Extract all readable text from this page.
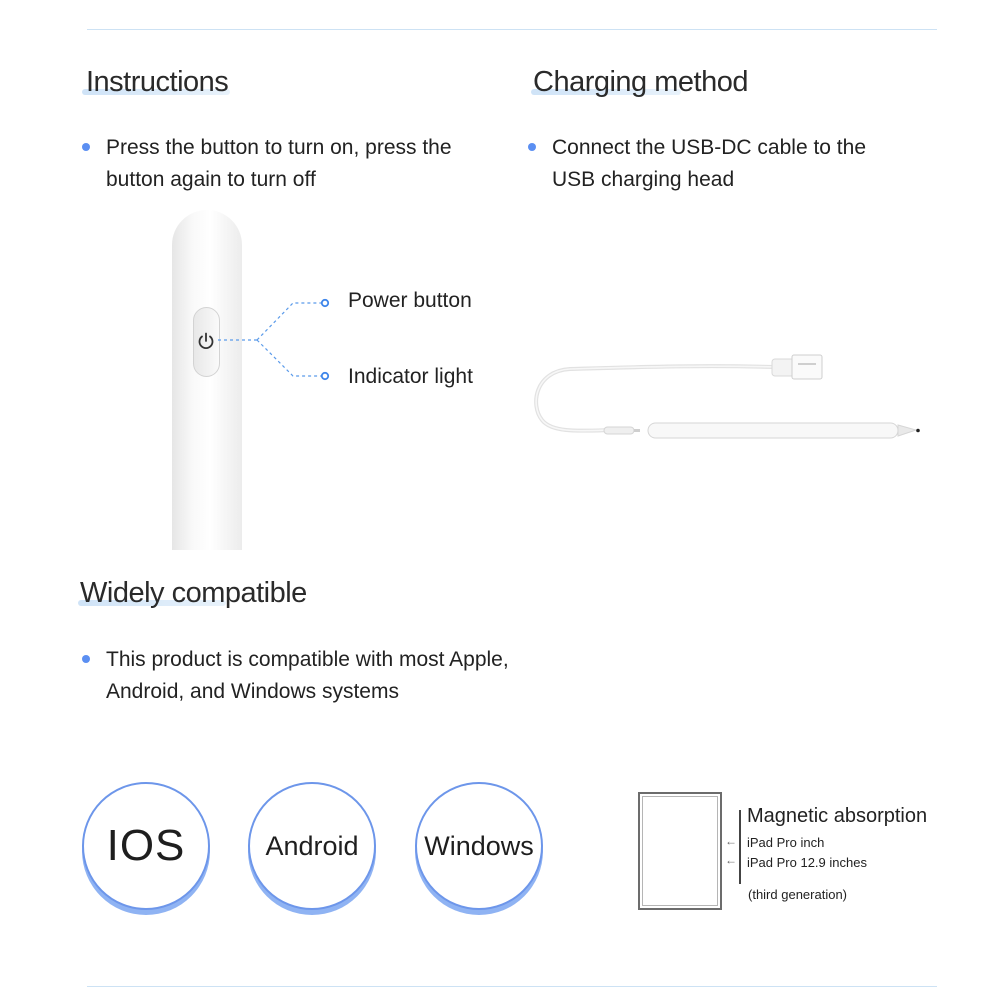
Instructions
Press the button to turn on, press the button again to turn off
Charging method
Connect the USB-DC cable to the USB charging head
Power button
Indicator light
Widely compatible
This product is compatible with most Apple, Android, and Windows systems
IOS	Android Windows	←
←
Magnetic absorption
iPad Pro inch
iPad Pro 12.9 inches
(third generation)
